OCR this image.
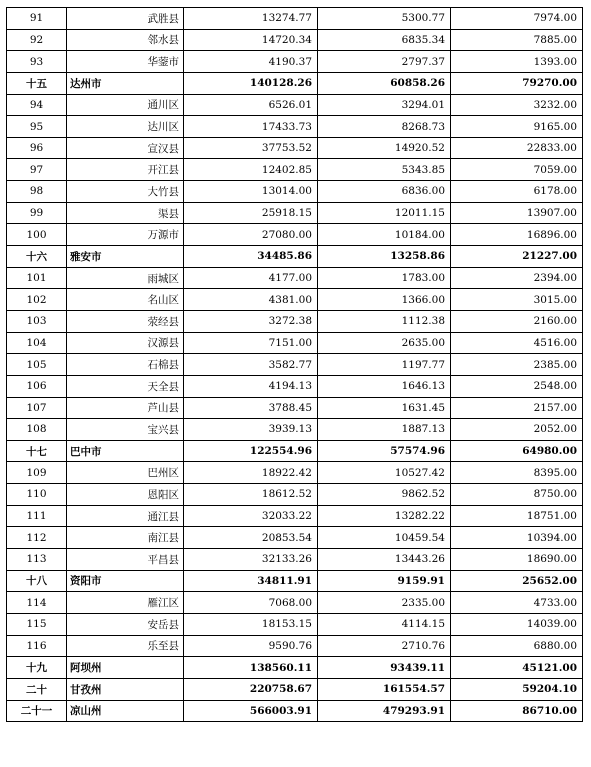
91	武胜县	13274.77	5300.77	7974.00
92	邻水县	14720.34	6835.34	7885.00
93	华蓥市	4190.37	2797.37	1393.00
十五	达州市	140128.26	60858.26	79270.00
94	通川区	6526.01	3294.01	3232.00
95	达川区	17433.73	8268.73	9165.00
96	宣汉县	37753.52	14920.52	22833.00
97	开江县	12402.85	5343.85	7059.00
98	大竹县	13014.00	6836.00	6178.00
99	渠县	25918.15	12011.15	13907.00
100	万源市	27080.00	10184.00	16896.00
十六	雅安市	34485.86	13258.86	21227.00
101	雨城区	4177.00	1783.00	2394.00
102	名山区	4381.00	1366.00	3015.00
103	荥经县	3272.38	1112.38	2160.00
104	汉源县	7151.00	2635.00	4516.00
105	石棉县	3582.77	1197.77	2385.00
106	天全县	4194.13	1646.13	2548.00
107	芦山县	3788.45	1631.45	2157.00
108	宝兴县	3939.13	1887.13	2052.00
十七	巴中市	122554.96	57574.96	64980.00
109	巴州区	18922.42	10527.42	8395.00
110	恩阳区	18612.52	9862.52	8750.00
111	通江县	32033.22	13282.22	18751.00
112	南江县	20853.54	10459.54	10394.00
113	平昌县	32133.26	13443.26	18690.00
十八	资阳市	34811.91	9159.91	25652.00
114	雁江区	7068.00	2335.00	4733.00
115	安岳县	18153.15	4114.15	14039.00
116	乐至县	9590.76	2710.76	6880.00
十九	阿坝州	138560.11	93439.11	45121.00
二十	甘孜州	220758.67	161554.57	59204.10
二十一	凉山州	566003.91	479293.91	86710.00
